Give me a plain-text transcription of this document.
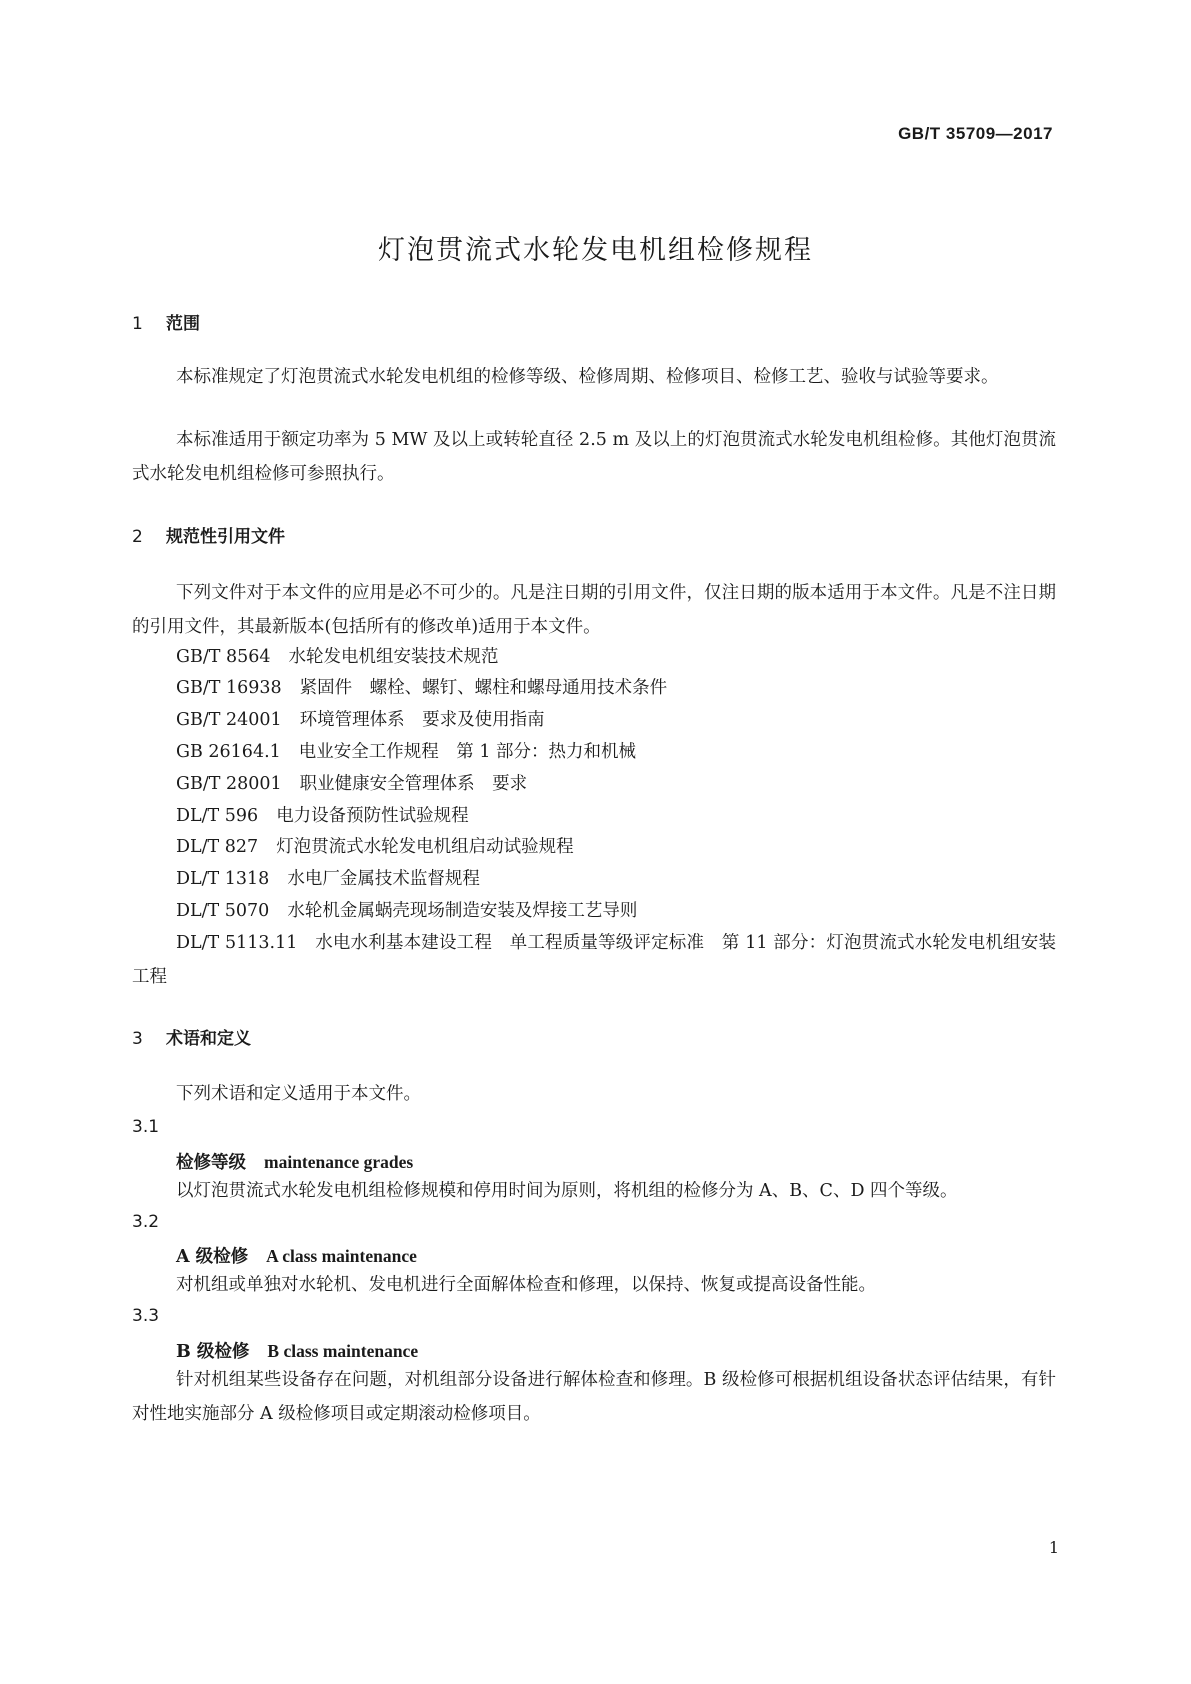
GB/T 35709—2017
灯泡贯流式水轮发电机组检修规程
1 范围
本标准规定了灯泡贯流式水轮发电机组的检修等级、检修周期、检修项目、检修工艺、验收与试验等要求。
本标准适用于额定功率为 5 MW 及以上或转轮直径 2.5 m 及以上的灯泡贯流式水轮发电机组检修。其他灯泡贯流式水轮发电机组检修可参照执行。
2 规范性引用文件
下列文件对于本文件的应用是必不可少的。凡是注日期的引用文件，仅注日期的版本适用于本文件。凡是不注日期的引用文件，其最新版本(包括所有的修改单)适用于本文件。
GB/T 8564 水轮发电机组安装技术规范
GB/T 16938 紧固件　螺栓、螺钉、螺柱和螺母通用技术条件
GB/T 24001 环境管理体系　要求及使用指南
GB 26164.1 电业安全工作规程　第 1 部分：热力和机械
GB/T 28001 职业健康安全管理体系　要求
DL/T 596 电力设备预防性试验规程
DL/T 827 灯泡贯流式水轮发电机组启动试验规程
DL/T 1318 水电厂金属技术监督规程
DL/T 5070 水轮机金属蜗壳现场制造安装及焊接工艺导则
DL/T 5113.11　水电水利基本建设工程　单工程质量等级评定标准　第 11 部分：灯泡贯流式水轮发电机组安装工程
3 术语和定义
下列术语和定义适用于本文件。
3.1
检修等级 maintenance grades
以灯泡贯流式水轮发电机组检修规模和停用时间为原则，将机组的检修分为 A、B、C、D 四个等级。
3.2
A 级检修 A class maintenance
对机组或单独对水轮机、发电机进行全面解体检查和修理，以保持、恢复或提高设备性能。
3.3
B 级检修 B class maintenance
针对机组某些设备存在问题，对机组部分设备进行解体检查和修理。B 级检修可根据机组设备状态评估结果，有针对性地实施部分 A 级检修项目或定期滚动检修项目。
1
